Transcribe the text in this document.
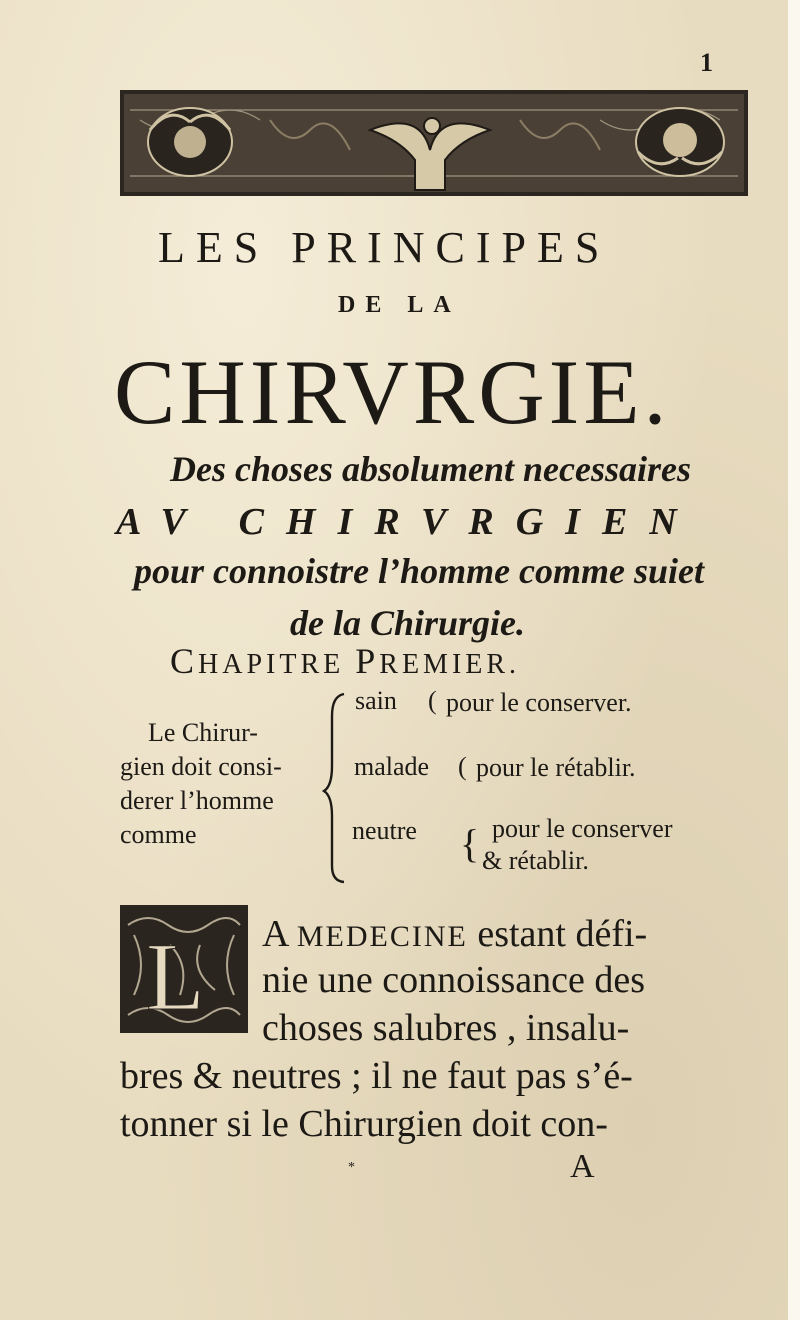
1
LES PRINCIPES
DE LA
CHIRVRGIE.
Des choses absolument necessaires
AV CHIRVRGIEN
pour connoistre l’homme comme suiet
de la Chirurgie.
CHAPITRE PREMIER.
Le Chirur-
gien doit consi-
derer l’homme
comme
sain ( pour le conserver.
malade ( pour le rétablir.
neutre { pour le conserver
& rétablir.
L A MEDECINE estant défi-
nie une connoissance des
choses salubres , insalu-
bres & neutres ; il ne faut pas s’é-
tonner si le Chirurgien doit con-
*	A
